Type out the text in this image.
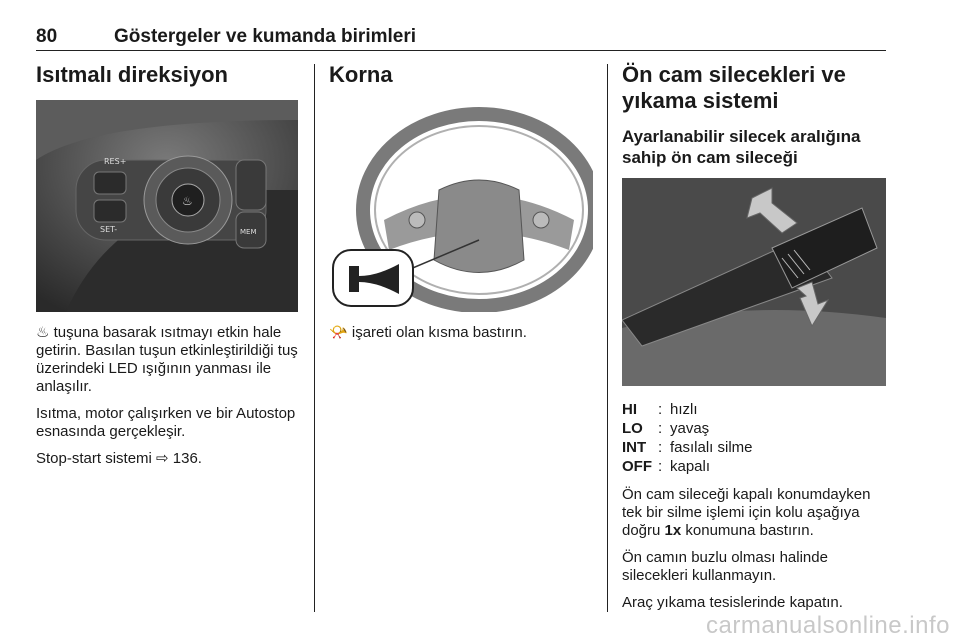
80	Göstergeler ve kumanda birimleri
Isıtmalı direksiyon
♨
RES+
SET-	MEM

♨ tuşuna basarak ısıtmayı etkin hale getirin. Basılan tuşun etkinleştirildiği tuş üzerindeki LED ışığının yanması ile anlaşılır.

Isıtma, motor çalışırken ve bir Autostop esnasında gerçekleşir.

Stop-start sistemi ⇨ 136.

Korna

📯 işareti olan kısma bastırın.

Ön cam silecekleri ve
yıkama sistemi
Ayarlanabilir silecek aralığına
sahip ön cam sileceği
HI	: hızlı
LO	: yavaş
INT : fasılalı silme
OFF : kapalı

Ön cam sileceği kapalı konumdayken tek bir silme işlemi için kolu aşağıya doğru 1x konumuna bastırın.

Ön camın buzlu olması halinde silecekleri kullanmayın.

Araç yıkama tesislerinde kapatın.

carmanualsonline.info
